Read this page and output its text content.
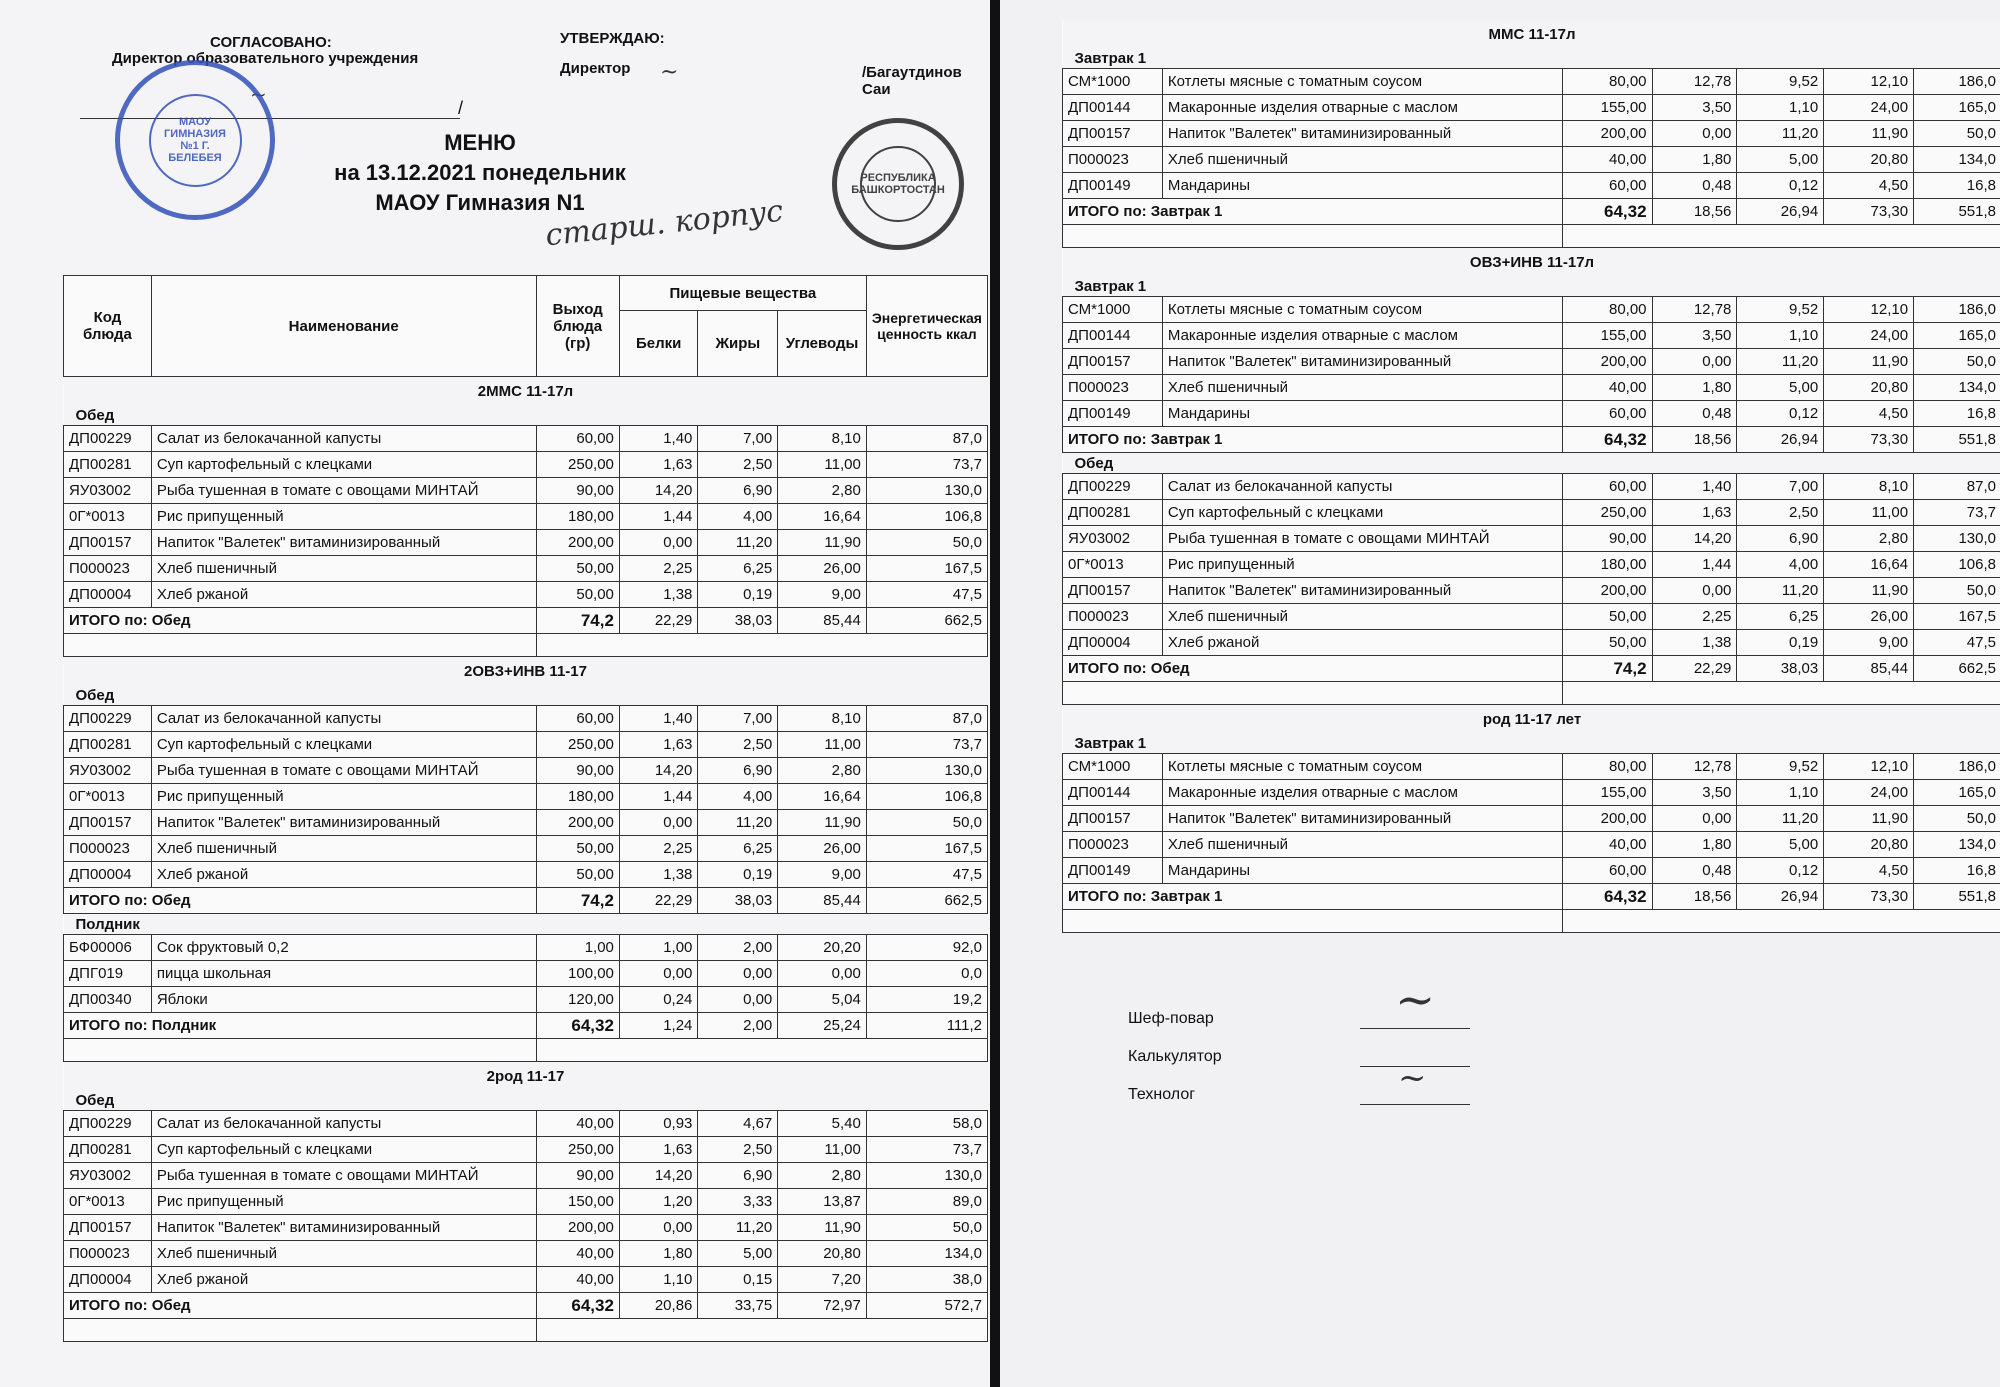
СОГЛАСОВАНО:
Директор образовательного учреждения
УТВЕРЖДАЮ:
Директор	/Багаутдинов Саи
/
~
~
МАОУ ГИМНАЗИЯ №1 Г. БЕЛЕБЕЯ
РЕСПУБЛИКА БАШКОРТОСТАН
МЕНЮ
на 13.12.2021 понедельник
МАОУ Гимназия N1
старш. корпус
Код блюда	Наименование	Выход блюда (гр)	Пищевые вещества			Энергетическая ценность ккал
			Белки	Жиры	Углеводы	
2ММС 11-17л						
Обед						
ДП00229	Салат из белокачанной капусты	60,00	1,40	7,00	8,10	87,0
ДП00281	Суп картофельный с клецками	250,00	1,63	2,50	11,00	73,7
ЯУ03002	Рыба тушенная в томате с овощами МИНТАЙ	90,00	14,20	6,90	2,80	130,0
0Г*0013	Рис припущенный	180,00	1,44	4,00	16,64	106,8
ДП00157	Напиток "Валетек" витаминизированный	200,00	0,00	11,20	11,90	50,0
П000023	Хлеб пшеничный	50,00	2,25	6,25	26,00	167,5
ДП00004	Хлеб ржаной	50,00	1,38	0,19	9,00	47,5
ИТОГО по: Обед		74,2	22,29	38,03	85,44	662,5

2ОВЗ+ИНВ 11-17						
Обед						
ДП00229	Салат из белокачанной капусты	60,00	1,40	7,00	8,10	87,0
ДП00281	Суп картофельный с клецками	250,00	1,63	2,50	11,00	73,7
ЯУ03002	Рыба тушенная в томате с овощами МИНТАЙ	90,00	14,20	6,90	2,80	130,0
0Г*0013	Рис припущенный	180,00	1,44	4,00	16,64	106,8
ДП00157	Напиток "Валетек" витаминизированный	200,00	0,00	11,20	11,90	50,0
П000023	Хлеб пшеничный	50,00	2,25	6,25	26,00	167,5
ДП00004	Хлеб ржаной	50,00	1,38	0,19	9,00	47,5
ИТОГО по: Обед		74,2	22,29	38,03	85,44	662,5
Полдник						
БФ00006	Сок фруктовый 0,2	1,00	1,00	2,00	20,20	92,0
ДПГ019	пицца школьная	100,00	0,00	0,00	0,00	0,0
ДП00340	Яблоки	120,00	0,24	0,00	5,04	19,2
ИТОГО по: Полдник		64,32	1,24	2,00	25,24	111,2

2род 11-17						
Обед						
ДП00229	Салат из белокачанной капусты	40,00	0,93	4,67	5,40	58,0
ДП00281	Суп картофельный с клецками	250,00	1,63	2,50	11,00	73,7
ЯУ03002	Рыба тушенная в томате с овощами МИНТАЙ	90,00	14,20	6,90	2,80	130,0
0Г*0013	Рис припущенный	150,00	1,20	3,33	13,87	89,0
ДП00157	Напиток "Валетек" витаминизированный	200,00	0,00	11,20	11,90	50,0
П000023	Хлеб пшеничный	40,00	1,80	5,00	20,80	134,0
ДП00004	Хлеб ржаной	40,00	1,10	0,15	7,20	38,0
ИТОГО по: Обед		64,32	20,86	33,75	72,97	572,7

ММС 11-17л						
Завтрак 1						
СМ*1000	Котлеты мясные с томатным соусом	80,00	12,78	9,52	12,10	186,0
ДП00144	Макаронные изделия отварные с маслом	155,00	3,50	1,10	24,00	165,0
ДП00157	Напиток "Валетек" витаминизированный	200,00	0,00	11,20	11,90	50,0
П000023	Хлеб пшеничный	40,00	1,80	5,00	20,80	134,0
ДП00149	Мандарины	60,00	0,48	0,12	4,50	16,8
ИТОГО по: Завтрак 1		64,32	18,56	26,94	73,30	551,8

ОВЗ+ИНВ 11-17л						
Завтрак 1						
СМ*1000	Котлеты мясные с томатным соусом	80,00	12,78	9,52	12,10	186,0
ДП00144	Макаронные изделия отварные с маслом	155,00	3,50	1,10	24,00	165,0
ДП00157	Напиток "Валетек" витаминизированный	200,00	0,00	11,20	11,90	50,0
П000023	Хлеб пшеничный	40,00	1,80	5,00	20,80	134,0
ДП00149	Мандарины	60,00	0,48	0,12	4,50	16,8
ИТОГО по: Завтрак 1		64,32	18,56	26,94	73,30	551,8
Обед						
ДП00229	Салат из белокачанной капусты	60,00	1,40	7,00	8,10	87,0
ДП00281	Суп картофельный с клецками	250,00	1,63	2,50	11,00	73,7
ЯУ03002	Рыба тушенная в томате с овощами МИНТАЙ	90,00	14,20	6,90	2,80	130,0
0Г*0013	Рис припущенный	180,00	1,44	4,00	16,64	106,8
ДП00157	Напиток "Валетек" витаминизированный	200,00	0,00	11,20	11,90	50,0
П000023	Хлеб пшеничный	50,00	2,25	6,25	26,00	167,5
ДП00004	Хлеб ржаной	50,00	1,38	0,19	9,00	47,5
ИТОГО по: Обед		74,2	22,29	38,03	85,44	662,5

род 11-17 лет						
Завтрак 1						
СМ*1000	Котлеты мясные с томатным соусом	80,00	12,78	9,52	12,10	186,0
ДП00144	Макаронные изделия отварные с маслом	155,00	3,50	1,10	24,00	165,0
ДП00157	Напиток "Валетек" витаминизированный	200,00	0,00	11,20	11,90	50,0
П000023	Хлеб пшеничный	40,00	1,80	5,00	20,80	134,0
ДП00149	Мандарины	60,00	0,48	0,12	4,50	16,8
ИТОГО по: Завтрак 1		64,32	18,56	26,94	73,30	551,8

Шеф-повар
Калькулятор
Технолог
~
~
